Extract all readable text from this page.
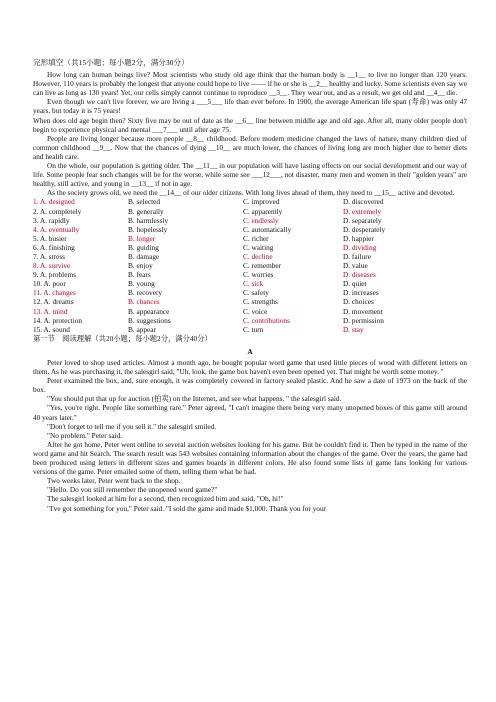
完形填空（共15小题；每小题2分，满分30分）

How long can human beings live? Most scientists who study old age think that the human body is __1__ to live no longer than 120 years. However, 110 years is probably the longest that anyone could hope to live —— if he or she is __2__ healthy and lucky. Some scientists even say we can live as long as 130 years! Yet, our cells simply cannot continue to reproduce __3__. They wear out, and as a result, we get old and __4__ die.

Even though we can't live forever, we are living a ___5___ life than ever before. In 1900, the average American life span (寿命) was only 47 years, but today it is 75 years!

When does old age begin then? Sixty five may be out of date as the __6__ line between middle age and old age. After all, many older people don't begin to experience physical and mental ___7___ until after age 75.

People are living longer because more people __8__ childhood. Before modern medicine changed the laws of nature, many children died of common childhood __9__. Now that the chances of dying __10__ are much lower, the chances of living long are much higher due to better diets and health care.

On the whole, our population is getting older. The __11__ in our population will have lasting effects on our social development and our way of life. Some people fear such changes will be for the worse, while some see ___12___, not disaster, many men and women in their "golden years" are healthy, still active, and young in __13__ if not in age.

As the society grows old, we need the __14__ of our older citizens. With long lives ahead of them, they need to __15__ active and devoted.

1. A. designed	B. selected	C. improved	D. discovered
2. A. completely	B. generally	C. apparently	D. extremely
3. A. rapidly	B. harmlessly	C. endlessly	D. separately
4. A. eventually	B. hopelessly	C. automatically	D. desperately
5. A. busier	B. longer	C. richer	D. happier
6. A. finishing	B. guiding	C. waiting	D. dividing
7. A. stress	B. damage	C. decline	D. failure
8. A. survive	B. enjoy	C. remember	D. value
9. A. problems	B. fears	C. worries	D. diseases
10. A. poor	B. young	C. sick	D. quiet
11. A. changes	B. recovery	C. safety	D. increases
12. A. dreams	B. chances	C. strengths	D. choices
13. A. mind	B. appearance	C. voice	D. movement
14. A. protection	B. suggestions	C. contributions	D. permission
15. A. sound	B. appear	C. turn	D. stay
第一节　阅读理解（共20小题；每小题2分，满分40分）
A

Peter loved to shop used articles. Almost a month ago, he bought popular word game that used little pieces of wood with different letters on them. As he was purchasing it, the salesgirl said, "Uh, look, the game box haven't even been opened yet. That might be worth some money. "

Peter examined the box, and, sure enough, it was completely covered in factory sealed plastic. And he saw a date of 1973 on the back of the box.

"You should put that up for auction (拍卖) on the Internet, and see what happens. " the salesgirl said.

"Yes, you're right. People like something rare." Peter agreed, "I can't imagine there being very many unopened boxes of this game still around 40 years later."

"Don't forget to tell me if you sell it." the salesgirl smiled.

"No problem." Peter said.

After he got home, Peter went online to several auction websites looking for his game. But he couldn't find it. Then he typed in the name of the word game and hit Search. The search result was 543 websites containing information about the changes of the game. Over the years, the game had been produced using letters in different sizes and games boards in different colors. He also found some lists of game fans looking for various versions of the game. Peter emailed some of them, telling them what he had.

Two weeks later, Peter went back to the shop.

"Hello. Do you still remember the unopened word game?"

The salesgirl looked at him for a second, then recognized him and said, "Oh, hi!"

"I've got something for you," Peter said. "I sold the game and made $1,000. Thank you for your
